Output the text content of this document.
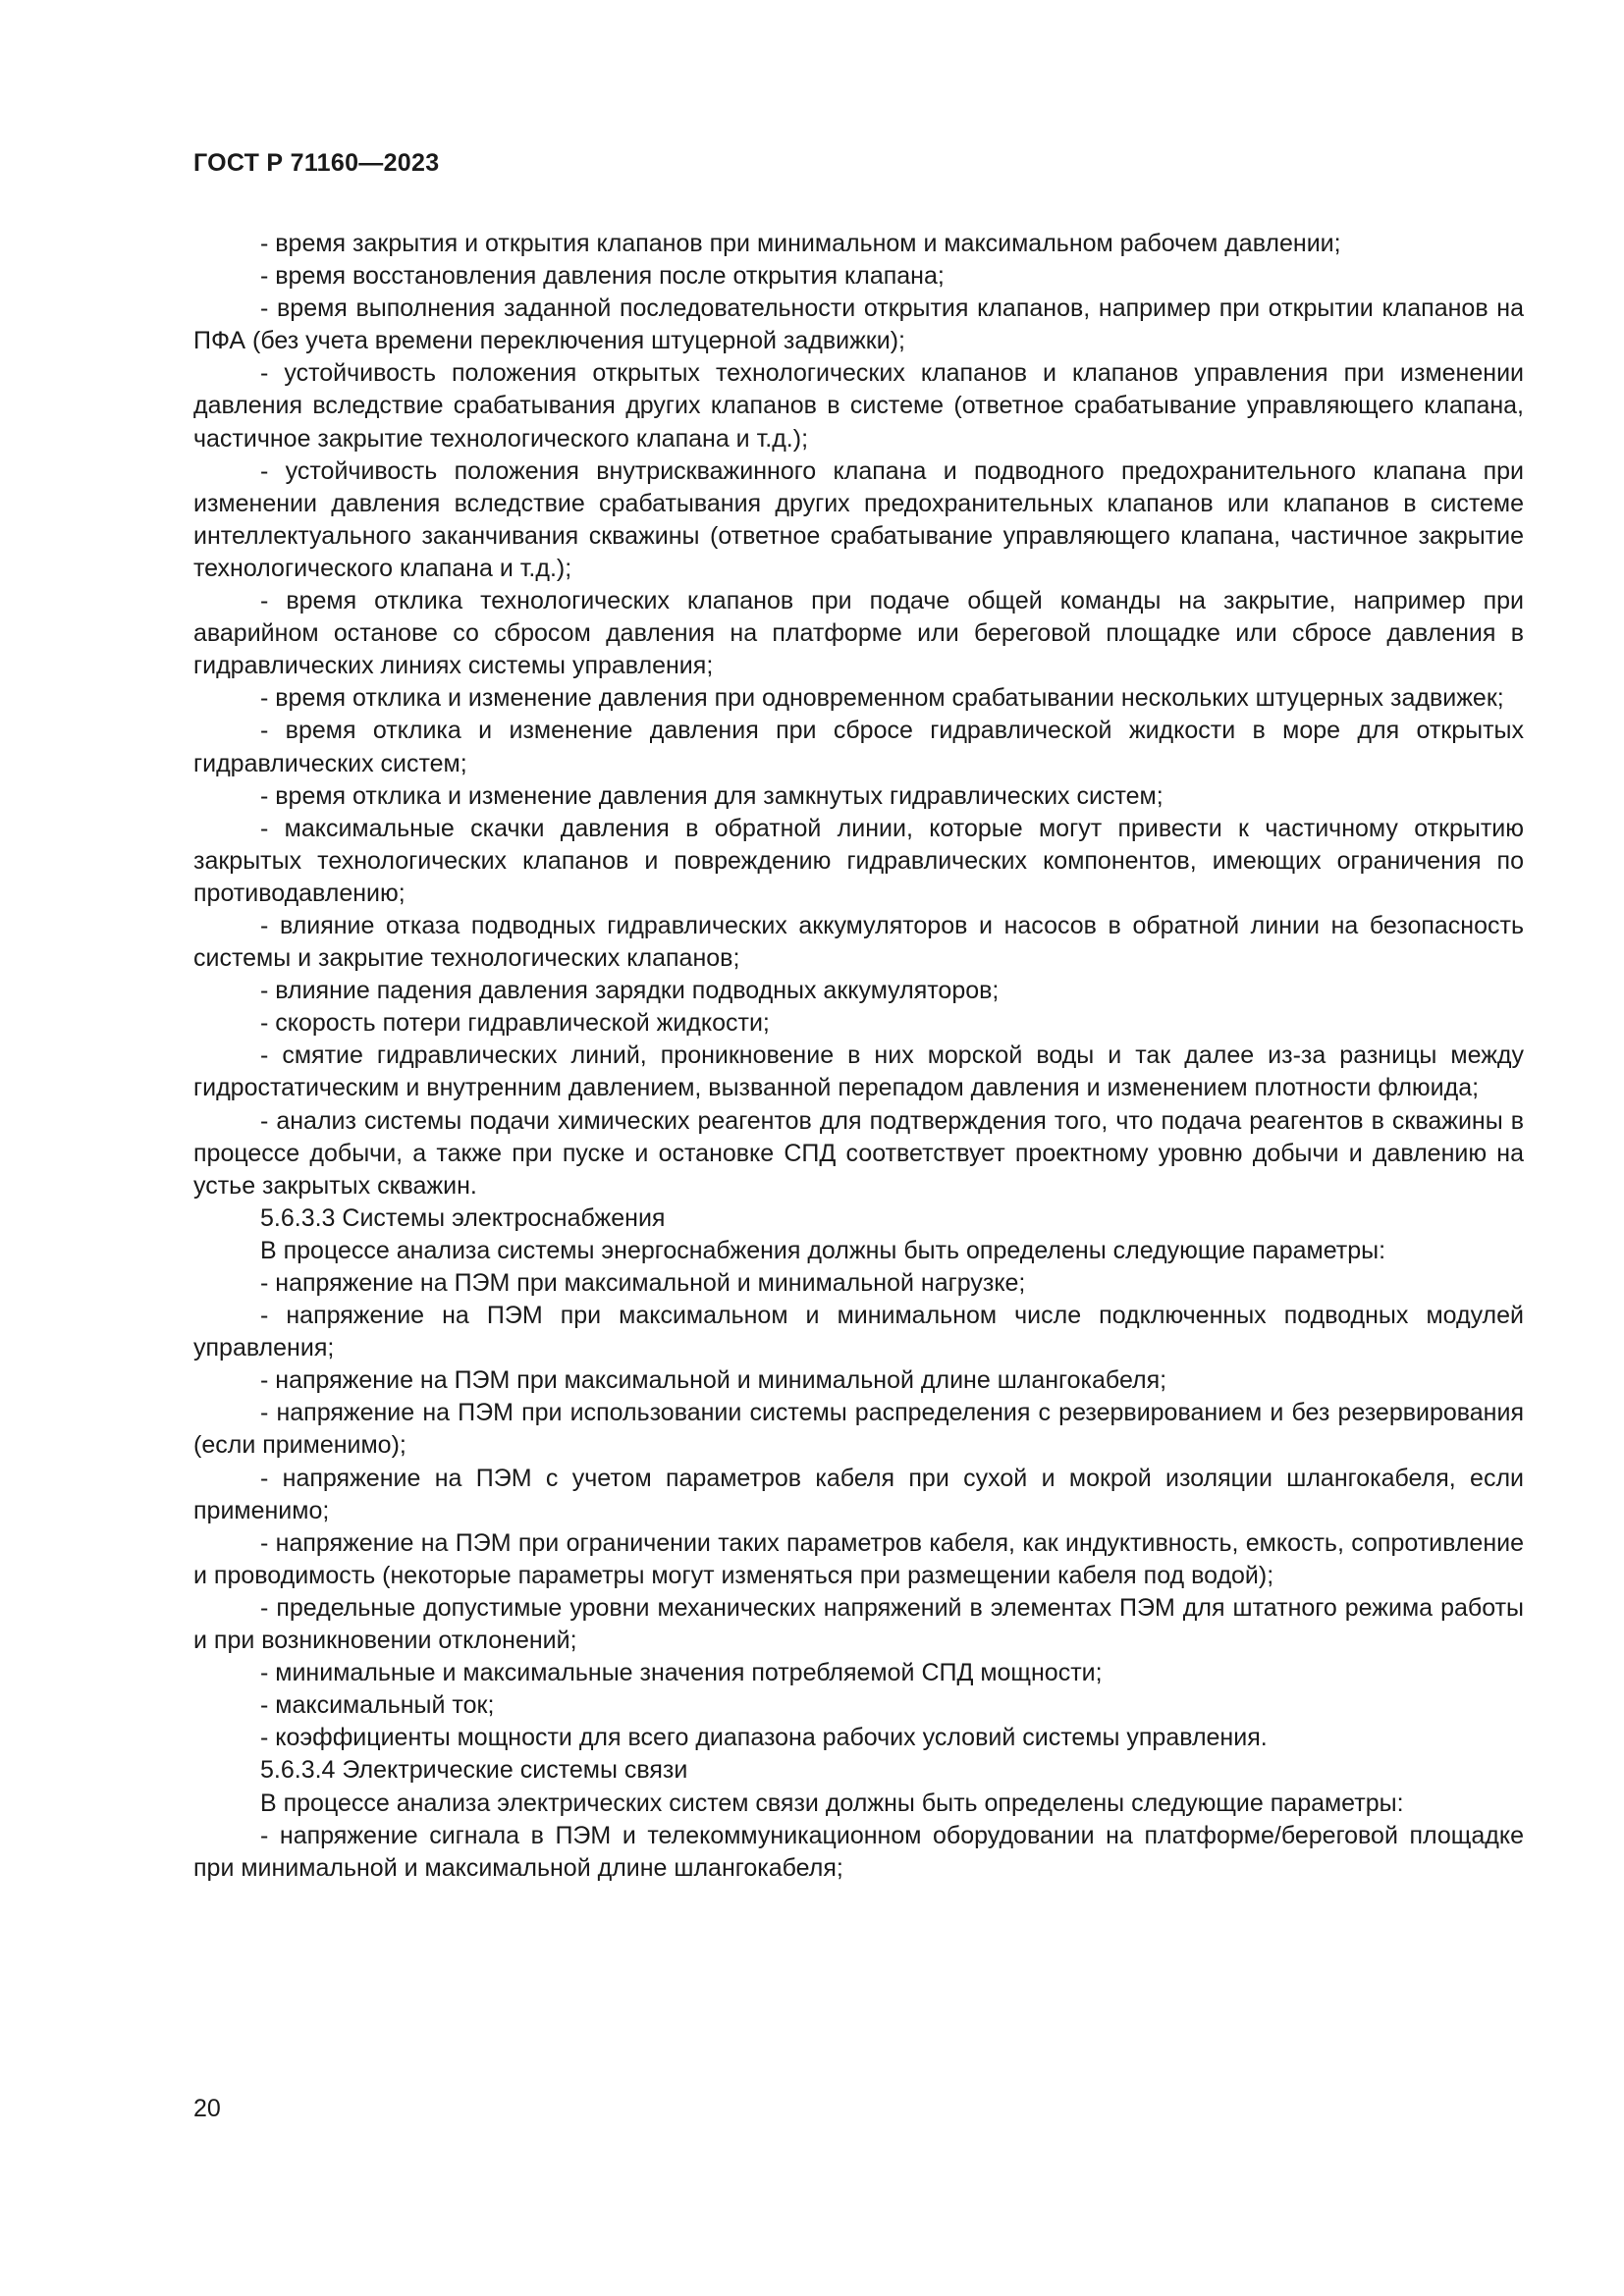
ГОСТ Р 71160—2023

- время закрытия и открытия клапанов при минимальном и максимальном рабочем давлении;

- время восстановления давления после открытия клапана;

- время выполнения заданной последовательности открытия клапанов, например при открытии клапанов на ПФА (без учета времени переключения штуцерной задвижки);

- устойчивость положения открытых технологических клапанов и клапанов управления при изменении давления вследствие срабатывания других клапанов в системе (ответное срабатывание управляющего клапана, частичное закрытие технологического клапана и т.д.);

- устойчивость положения внутрискважинного клапана и подводного предохранительного клапана при изменении давления вследствие срабатывания других предохранительных клапанов или клапанов в системе интеллектуального заканчивания скважины (ответное срабатывание управляющего клапана, частичное закрытие технологического клапана и т.д.);

- время отклика технологических клапанов при подаче общей команды на закрытие, например при аварийном останове со сбросом давления на платформе или береговой площадке или сбросе давления в гидравлических линиях системы управления;

- время отклика и изменение давления при одновременном срабатывании нескольких штуцерных задвижек;

- время отклика и изменение давления при сбросе гидравлической жидкости в море для открытых гидравлических систем;

- время отклика и изменение давления для замкнутых гидравлических систем;

- максимальные скачки давления в обратной линии, которые могут привести к частичному открытию закрытых технологических клапанов и повреждению гидравлических компонентов, имеющих ограничения по противодавлению;

- влияние отказа подводных гидравлических аккумуляторов и насосов в обратной линии на безопасность системы и закрытие технологических клапанов;

- влияние падения давления зарядки подводных аккумуляторов;

- скорость потери гидравлической жидкости;

- смятие гидравлических линий, проникновение в них морской воды и так далее из-за разницы между гидростатическим и внутренним давлением, вызванной перепадом давления и изменением плотности флюида;

- анализ системы подачи химических реагентов для подтверждения того, что подача реагентов в скважины в процессе добычи, а также при пуске и остановке СПД соответствует проектному уровню добычи и давлению на устье закрытых скважин.

5.6.3.3 Системы электроснабжения

В процессе анализа системы энергоснабжения должны быть определены следующие параметры:

- напряжение на ПЭМ при максимальной и минимальной нагрузке;

- напряжение на ПЭМ при максимальном и минимальном числе подключенных подводных модулей управления;

- напряжение на ПЭМ при максимальной и минимальной длине шлангокабеля;

- напряжение на ПЭМ при использовании системы распределения с резервированием и без резервирования (если применимо);

- напряжение на ПЭМ с учетом параметров кабеля при сухой и мокрой изоляции шлангокабеля, если применимо;

- напряжение на ПЭМ при ограничении таких параметров кабеля, как индуктивность, емкость, сопротивление и проводимость (некоторые параметры могут изменяться при размещении кабеля под водой);

- предельные допустимые уровни механических напряжений в элементах ПЭМ для штатного режима работы и при возникновении отклонений;

- минимальные и максимальные значения потребляемой СПД мощности;

- максимальный ток;

- коэффициенты мощности для всего диапазона рабочих условий системы управления.

5.6.3.4 Электрические системы связи

В процессе анализа электрических систем связи должны быть определены следующие параметры:

- напряжение сигнала в ПЭМ и телекоммуникационном оборудовании на платформе/береговой площадке при минимальной и максимальной длине шлангокабеля;

20
